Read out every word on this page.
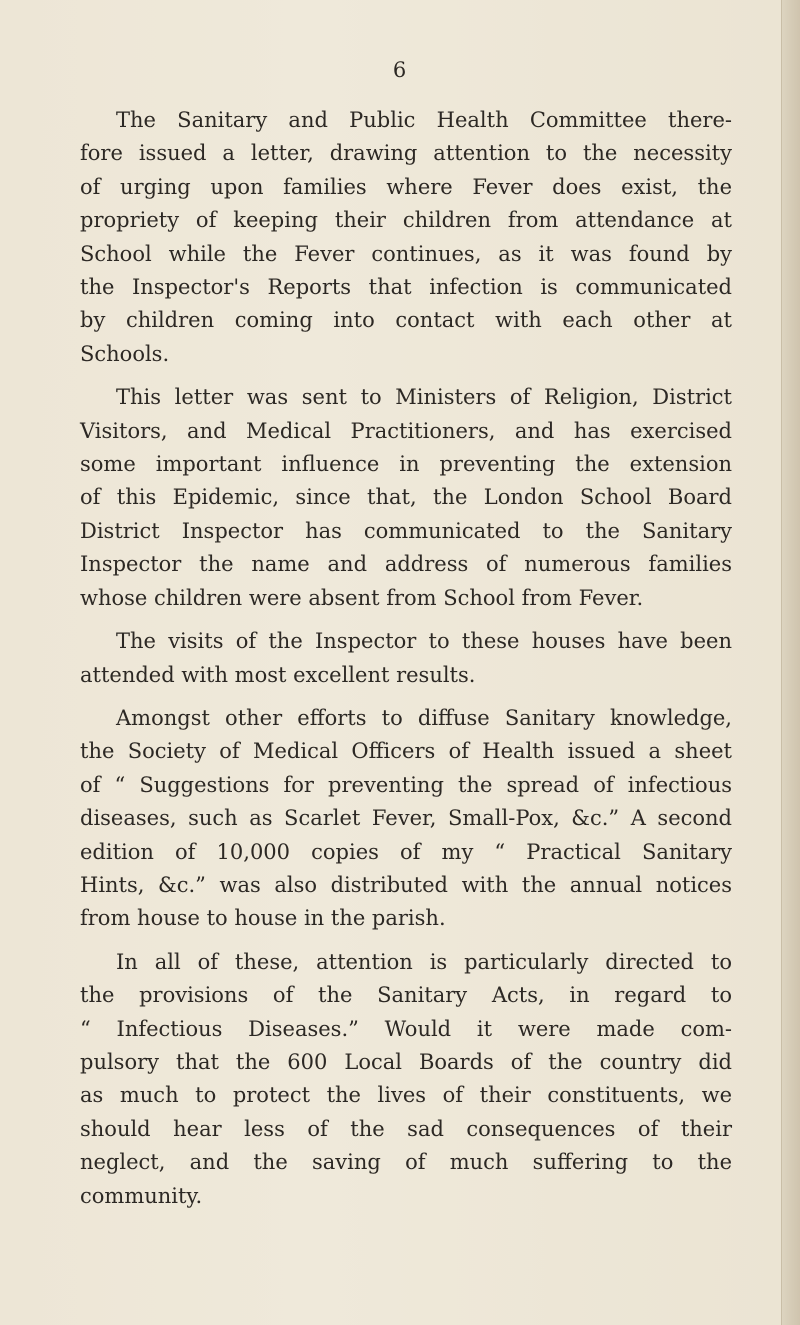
6
The Sanitary and Public Health Committee there-
fore issued a letter, drawing attention to the necessity
of urging upon families where Fever does exist, the
propriety of keeping their children from attendance at
School while the Fever continues, as it was found by
the Inspector's Reports that infection is communicated
by children coming into contact with each other at
Schools.
This letter was sent to Ministers of Religion, District
Visitors, and Medical Practitioners, and has exercised
some important influence in preventing the extension
of this Epidemic, since that, the London School Board
District Inspector has communicated to the Sanitary
Inspector the name and address of numerous families
whose children were absent from School from Fever.
The visits of the Inspector to these houses have been
attended with most excellent results.
Amongst other efforts to diffuse Sanitary knowledge,
the Society of Medical Officers of Health issued a sheet
of “ Suggestions for preventing the spread of infectious
diseases, such as Scarlet Fever, Small-Pox, &c.” A second
edition of 10,000 copies of my “ Practical Sanitary
Hints, &c.” was also distributed with the annual notices
from house to house in the parish.
In all of these, attention is particularly directed to
the provisions of the Sanitary Acts, in regard to
“ Infectious Diseases.” Would it were made com-
pulsory that the 600 Local Boards of the country did
as much to protect the lives of their constituents, we
should hear less of the sad consequences of their
neglect, and the saving of much suffering to the
community.
